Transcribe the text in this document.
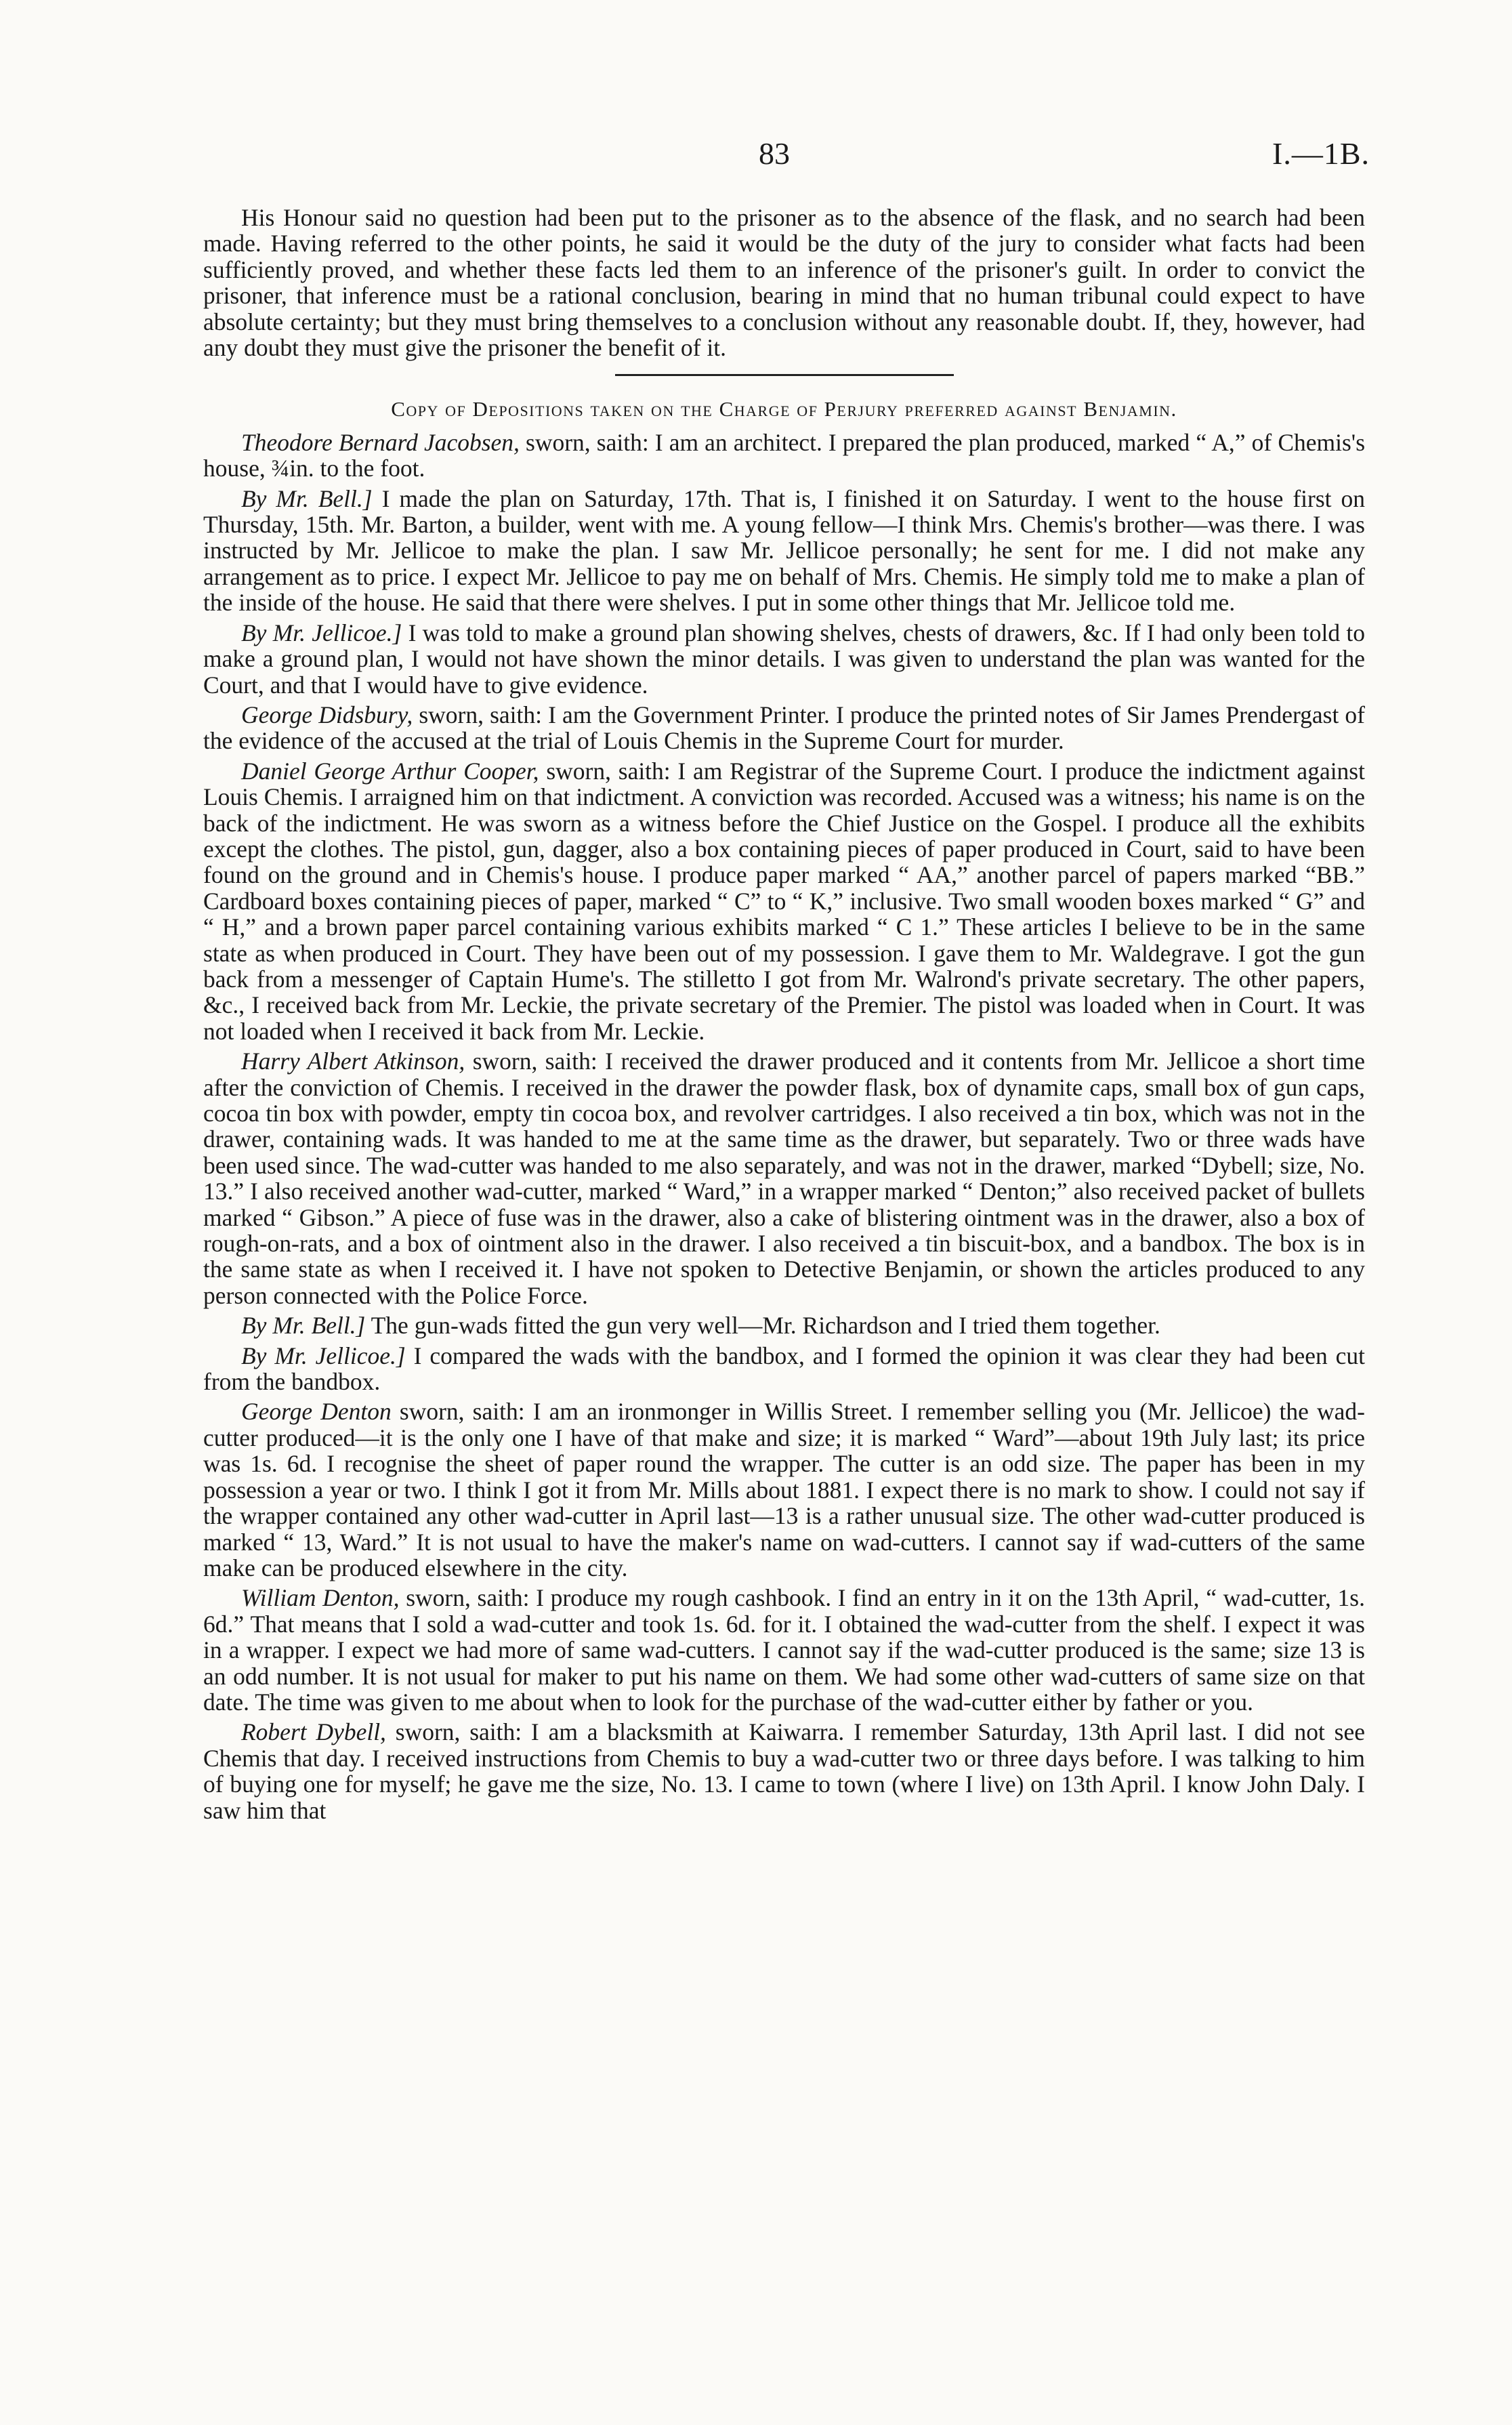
83	I.—1B.

His Honour said no question had been put to the prisoner as to the absence of the flask, and no search had been made. Having referred to the other points, he said it would be the duty of the jury to consider what facts had been sufficiently proved, and whether these facts led them to an inference of the prisoner's guilt. In order to convict the prisoner, that inference must be a rational conclusion, bearing in mind that no human tribunal could expect to have absolute certainty; but they must bring themselves to a conclusion without any reasonable doubt. If, they, however, had any doubt they must give the prisoner the benefit of it.

Copy of Depositions taken on the Charge of Perjury preferred against Benjamin.

Theodore Bernard Jacobsen, sworn, saith: I am an architect. I prepared the plan produced, marked “ A,” of Chemis's house, ¾in. to the foot.

By Mr. Bell.] I made the plan on Saturday, 17th. That is, I finished it on Saturday. I went to the house first on Thursday, 15th. Mr. Barton, a builder, went with me. A young fellow—I think Mrs. Chemis's brother—was there. I was instructed by Mr. Jellicoe to make the plan. I saw Mr. Jellicoe personally; he sent for me. I did not make any arrangement as to price. I expect Mr. Jellicoe to pay me on behalf of Mrs. Chemis. He simply told me to make a plan of the inside of the house. He said that there were shelves. I put in some other things that Mr. Jellicoe told me.

By Mr. Jellicoe.] I was told to make a ground plan showing shelves, chests of drawers, &c. If I had only been told to make a ground plan, I would not have shown the minor details. I was given to understand the plan was wanted for the Court, and that I would have to give evidence.

George Didsbury, sworn, saith: I am the Government Printer. I produce the printed notes of Sir James Prendergast of the evidence of the accused at the trial of Louis Chemis in the Supreme Court for murder.

Daniel George Arthur Cooper, sworn, saith: I am Registrar of the Supreme Court. I produce the indictment against Louis Chemis. I arraigned him on that indictment. A conviction was recorded. Accused was a witness; his name is on the back of the indictment. He was sworn as a witness before the Chief Justice on the Gospel. I produce all the exhibits except the clothes. The pistol, gun, dagger, also a box containing pieces of paper produced in Court, said to have been found on the ground and in Chemis's house. I produce paper marked “ AA,” another parcel of papers marked “BB.” Cardboard boxes containing pieces of paper, marked “ C” to “ K,” inclusive. Two small wooden boxes marked “ G” and “ H,” and a brown paper parcel containing various exhibits marked “ C 1.” These articles I believe to be in the same state as when produced in Court. They have been out of my possession. I gave them to Mr. Waldegrave. I got the gun back from a messenger of Captain Hume's. The stilletto I got from Mr. Walrond's private secretary. The other papers, &c., I received back from Mr. Leckie, the private secretary of the Premier. The pistol was loaded when in Court. It was not loaded when I received it back from Mr. Leckie.

Harry Albert Atkinson, sworn, saith: I received the drawer produced and it contents from Mr. Jellicoe a short time after the conviction of Chemis. I received in the drawer the powder flask, box of dynamite caps, small box of gun caps, cocoa tin box with powder, empty tin cocoa box, and revolver cartridges. I also received a tin box, which was not in the drawer, containing wads. It was handed to me at the same time as the drawer, but separately. Two or three wads have been used since. The wad-cutter was handed to me also separately, and was not in the drawer, marked “Dybell; size, No. 13.” I also received another wad-cutter, marked “ Ward,” in a wrapper marked “ Denton;” also received packet of bullets marked “ Gibson.” A piece of fuse was in the drawer, also a cake of blistering ointment was in the drawer, also a box of rough-on-rats, and a box of ointment also in the drawer. I also received a tin biscuit-box, and a bandbox. The box is in the same state as when I received it. I have not spoken to Detective Benjamin, or shown the articles produced to any person connected with the Police Force.

By Mr. Bell.] The gun-wads fitted the gun very well—Mr. Richardson and I tried them together.

By Mr. Jellicoe.] I compared the wads with the bandbox, and I formed the opinion it was clear they had been cut from the bandbox.

George Denton sworn, saith: I am an ironmonger in Willis Street. I remember selling you (Mr. Jellicoe) the wad-cutter produced—it is the only one I have of that make and size; it is marked “ Ward”—about 19th July last; its price was 1s. 6d. I recognise the sheet of paper round the wrapper. The cutter is an odd size. The paper has been in my possession a year or two. I think I got it from Mr. Mills about 1881. I expect there is no mark to show. I could not say if the wrapper contained any other wad-cutter in April last—13 is a rather unusual size. The other wad-cutter produced is marked “ 13, Ward.” It is not usual to have the maker's name on wad-cutters. I cannot say if wad-cutters of the same make can be produced elsewhere in the city.

William Denton, sworn, saith: I produce my rough cashbook. I find an entry in it on the 13th April, “ wad-cutter, 1s. 6d.” That means that I sold a wad-cutter and took 1s. 6d. for it. I obtained the wad-cutter from the shelf. I expect it was in a wrapper. I expect we had more of same wad-cutters. I cannot say if the wad-cutter produced is the same; size 13 is an odd number. It is not usual for maker to put his name on them. We had some other wad-cutters of same size on that date. The time was given to me about when to look for the purchase of the wad-cutter either by father or you.

Robert Dybell, sworn, saith: I am a blacksmith at Kaiwarra. I remember Saturday, 13th April last. I did not see Chemis that day. I received instructions from Chemis to buy a wad-cutter two or three days before. I was talking to him of buying one for myself; he gave me the size, No. 13. I came to town (where I live) on 13th April. I know John Daly. I saw him that
